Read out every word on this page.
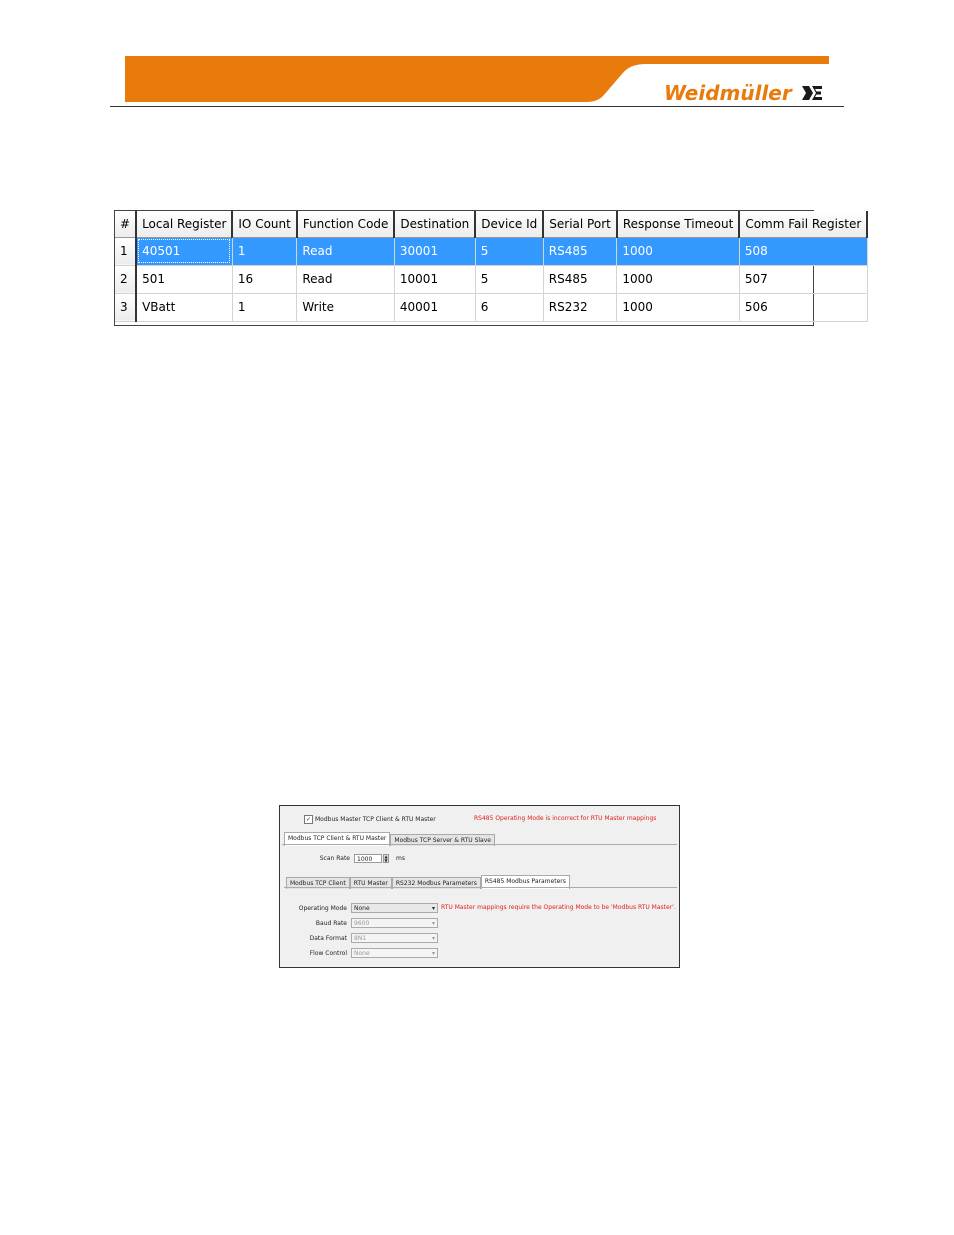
Weidmüller
#	Local Register	IO Count	Function Code	Destination	Device Id	Serial Port	Response Timeout	Comm Fail Register
1	40501	1	Read	30001	5	RS485	1000	508
2	501	16	Read	10001	5	RS485	1000	507
3	VBatt	1	Write	40001	6	RS232	1000	506
✓ Modbus Master TCP Client & RTU Master	RS485 Operating Mode is incorrect for RTU Master mappings
Modbus TCP Client & RTU Master	Modbus TCP Server & RTU Slave
Scan Rate	1000	▲
▼ ms
Modbus TCP Client	RTU Master	RS232 Modbus Parameters	RS485 Modbus Parameters
Operating Mode	None	▾ RTU Master mappings require the Operating Mode to be 'Modbus RTU Master'.
Baud Rate	9600	▾
Data Format	8N1	▾
Flow Control	None	▾
